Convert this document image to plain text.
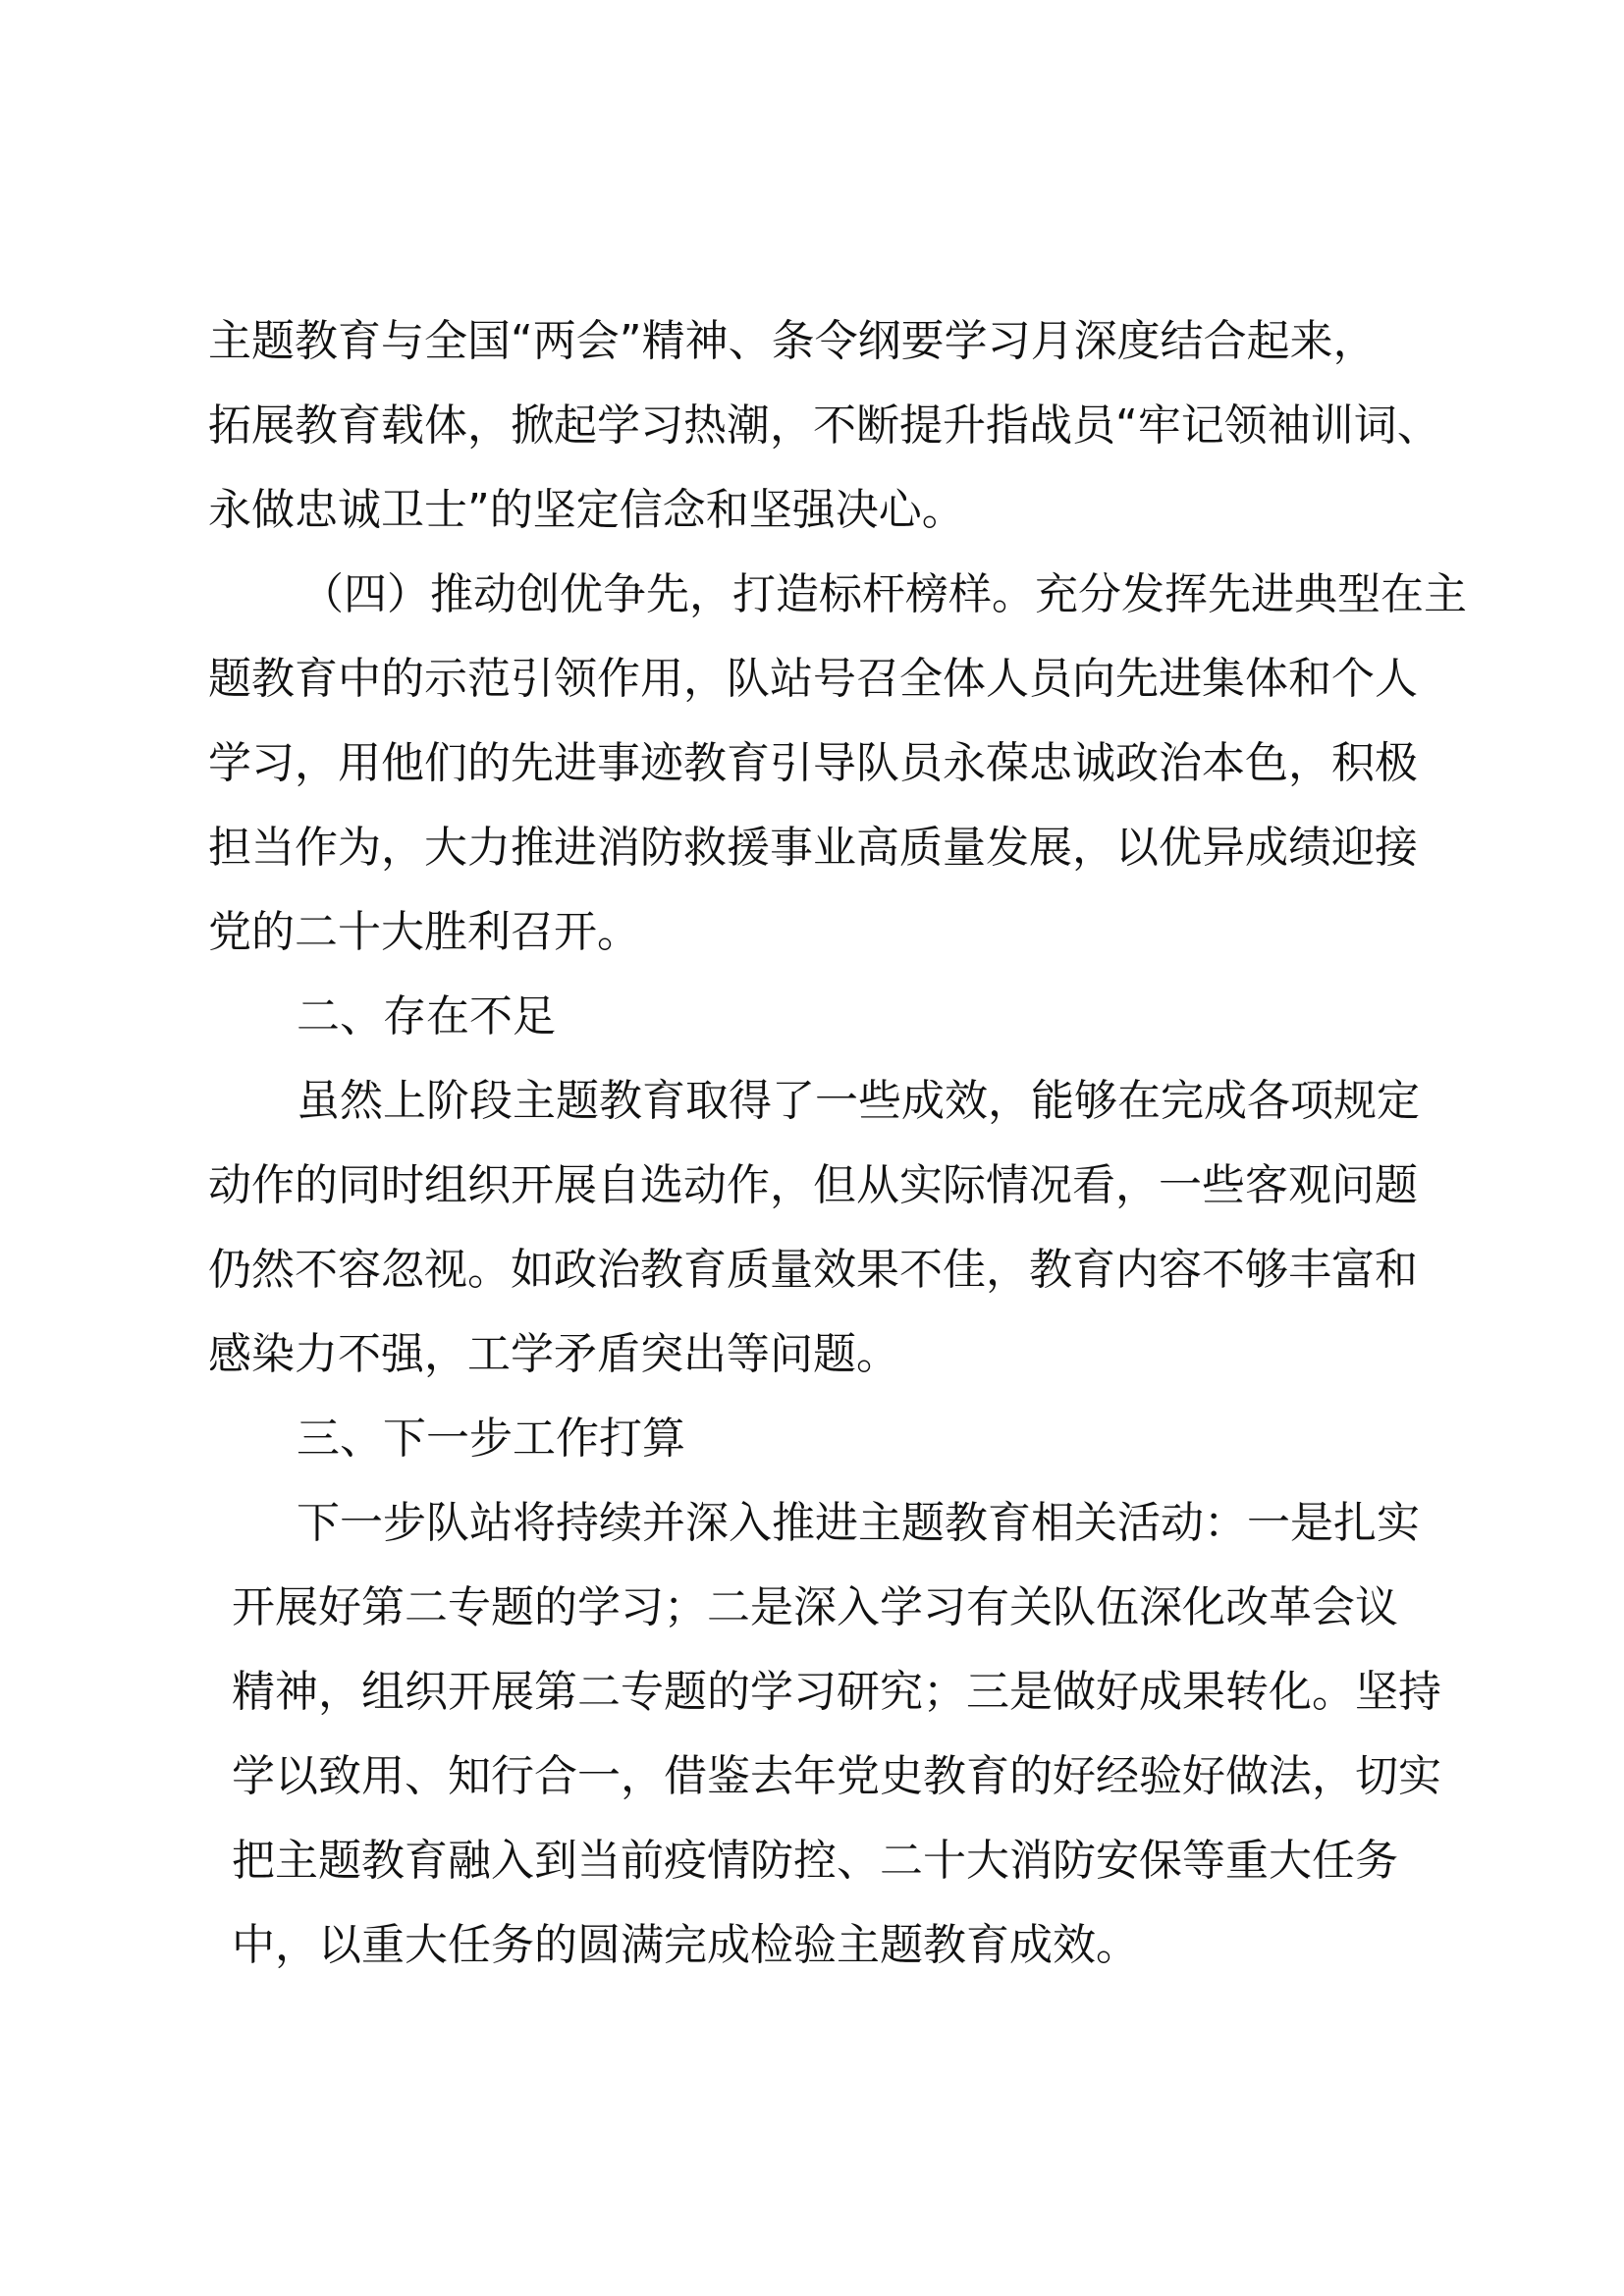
主题教育与全国“两会”精神、条令纲要学习月深度结合起来，

拓展教育载体，掀起学习热潮，不断提升指战员“牢记领袖训词、

永做忠诚卫士”的坚定信念和坚强决心。

（四）推动创优争先，打造标杆榜样。充分发挥先进典型在主

题教育中的示范引领作用，队站号召全体人员向先进集体和个人

学习，用他们的先进事迹教育引导队员永葆忠诚政治本色，积极

担当作为，大力推进消防救援事业高质量发展，以优异成绩迎接

党的二十大胜利召开。

二、存在不足

虽然上阶段主题教育取得了一些成效，能够在完成各项规定

动作的同时组织开展自选动作，但从实际情况看，一些客观问题

仍然不容忽视。如政治教育质量效果不佳，教育内容不够丰富和

感染力不强，工学矛盾突出等问题。

三、下一步工作打算

下一步队站将持续并深入推进主题教育相关活动：一是扎实

开展好第二专题的学习；二是深入学习有关队伍深化改革会议

精神，组织开展第二专题的学习研究；三是做好成果转化。坚持

学以致用、知行合一，借鉴去年党史教育的好经验好做法，切实

把主题教育融入到当前疫情防控、二十大消防安保等重大任务

中，以重大任务的圆满完成检验主题教育成效。
